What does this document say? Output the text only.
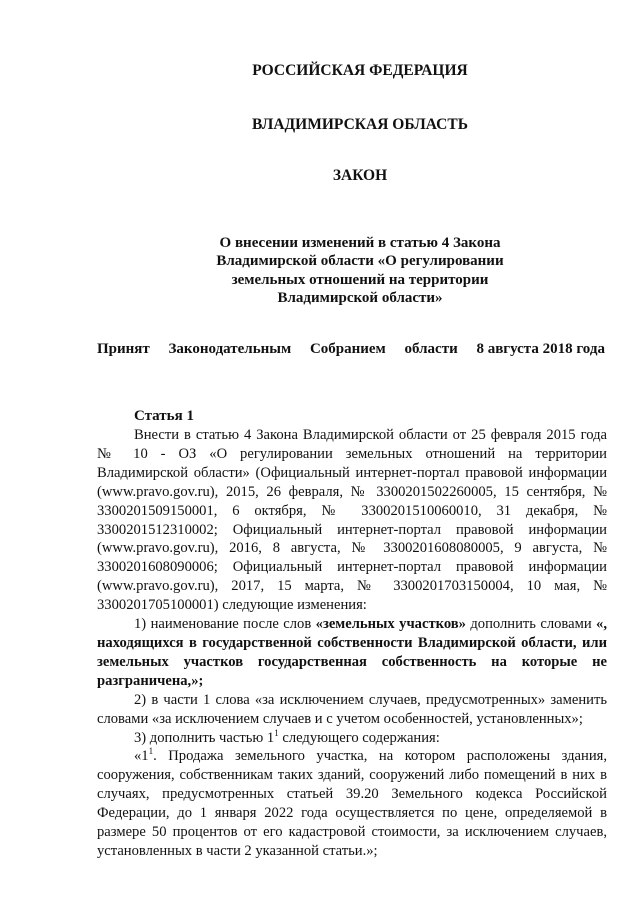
РОССИЙСКАЯ ФЕДЕРАЦИЯ
ВЛАДИМИРСКАЯ ОБЛАСТЬ
ЗАКОН
О внесении изменений в статью 4 Закона
Владимирской области «О регулировании
земельных отношений на территории
Владимирской области»
Принят Законодательным Собранием области 8 августа 2018 года
Статья 1

Внести в статью 4 Закона Владимирской области от 25 февраля 2015 года № 10 - ОЗ «О регулировании земельных отношений на территории Владимирской области» (Официальный интернет-портал правовой информации (www.pravo.gov.ru), 2015, 26 февраля, № 3300201502260005, 15 сентября, № 3300201509150001, 6 октября, № 3300201510060010, 31 декабря, № 3300201512310002; Официальный интернет-портал правовой информации (www.pravo.gov.ru), 2016, 8 августа, № 3300201608080005, 9 августа, № 3300201608090006; Официальный интернет-портал правовой информации (www.pravo.gov.ru), 2017, 15 марта, № 3300201703150004, 10 мая, № 3300201705100001) следующие изменения:

1) наименование после слов «земельных участков» дополнить словами «, находящихся в государственной собственности Владимирской области, или земельных участков государственная собственность на которые не разграничена,»;

2) в части 1 слова «за исключением случаев, предусмотренных» заменить словами «за исключением случаев и с учетом особенностей, установленных»;

3) дополнить частью $1^1$ следующего содержания:

«$1^1$. Продажа земельного участка, на котором расположены здания, сооружения, собственникам таких зданий, сооружений либо помещений в них в случаях, предусмотренных статьей 39.20 Земельного кодекса Российской Федерации, до 1 января 2022 года осуществляется по цене, определяемой в размере 50 процентов от его кадастровой стоимости, за исключением случаев, установленных в части 2 указанной статьи.»;
